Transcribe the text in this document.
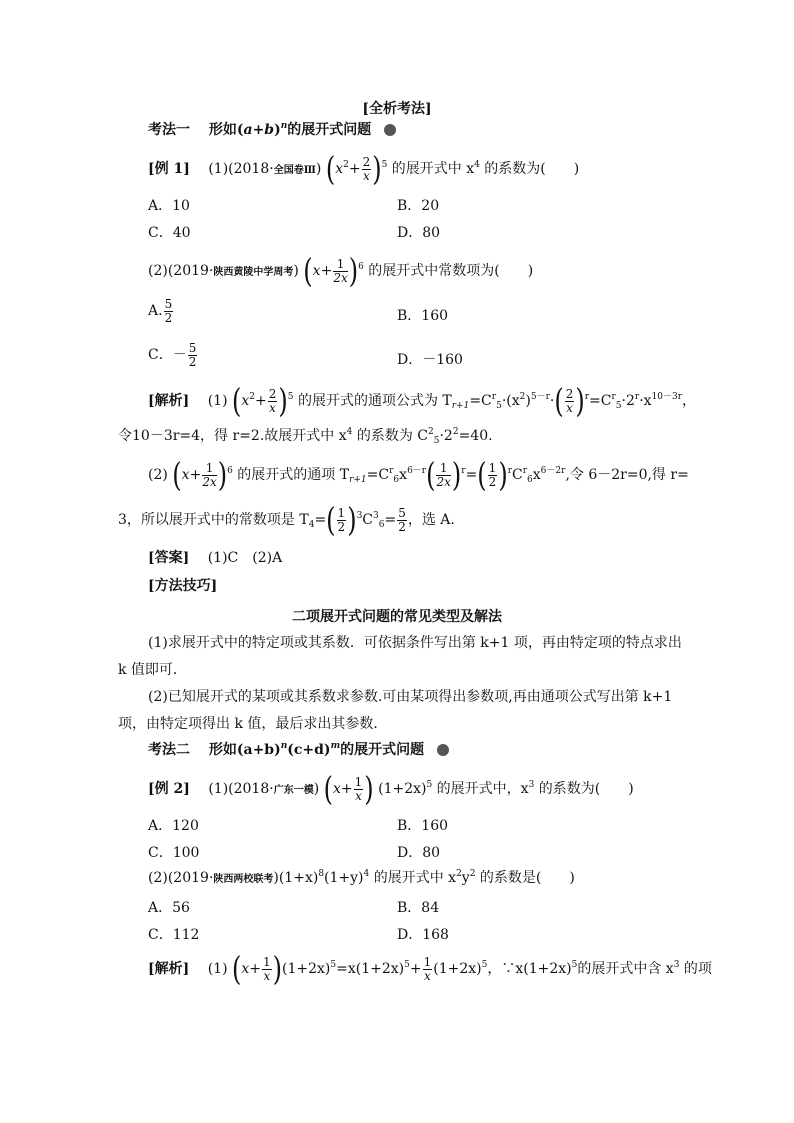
[全析考法]
考法一 形如$(a+b)^n$的展开式问题
[例 1] (1)(2018·全国卷Ⅲ) $(x^2+ \frac{2}{x} )^5$ 的展开式中 $x^4$ 的系数为(　　)
A．10	B．20
C．40	D．80
(2)(2019·陕西黄陵中学周考) $(x+ \frac{1}{2x} )^6$ 的展开式中常数项为(　　)
A. $\frac{5}{2}$	B．160
C．－ $\frac{5}{2}$	D．－160
[解析] (1) $(x^2+ \frac{2}{x} )^5$ 的展开式的通项公式为 $T_{r+1}=C^r_5\cdot(x^2)^{5-r}\cdot( \frac{2}{x} )^r=C^r_5\cdot 2^r\cdot x^{10-3r}$，
令10－3r=4，得 r=2.故展开式中 $x^4$ 的系数为 $C^2_5\cdot 2^2=40$.
(2) $(x+ \frac{1}{2x} )^6$ 的展开式的通项 $T_{r+1}=C^r_6x^{6-r}( \frac{1}{2x} )^r=( \frac{1}{2} )^rC^r_6x^{6-2r}$,令 6－2r=0,得 r=
3，所以展开式中的常数项是 $T_4=( \frac{1}{2} )^3C^3_6= \frac{5}{2}$ ，选 A.
[答案] (1)C　(2)A
[方法技巧]
二项展开式问题的常见类型及解法
(1)求展开式中的特定项或其系数．可依据条件写出第 k+1 项，再由特定项的特点求出
k 值即可．
(2)已知展开式的某项或其系数求参数.可由某项得出参数项,再由通项公式写出第 k+1
项，由特定项得出 k 值，最后求出其参数．
考法二 形如$(a+b)^n(c+d)^m$的展开式问题
[例 2] (1)(2018·广东一模) ($x+ \frac{1}{x}$ ) $(1+2x)^5$ 的展开式中，$x^3$ 的系数为(　　)
A．120	B．160
C．100	D．80
(2)(2019·陕西两校联考)$(1+x)^8(1+y)^4$ 的展开式中 $x^2y^2$ 的系数是(　　)
A．56	B．84
C．112	D．168
[解析] (1) $(x+ \frac{1}{x} )(1+2x)^5=x(1+2x)^5+ \frac{1}{x} (1+2x)^5$，$\because x(1+2x)^5$的展开式中含 $x^3$ 的项
